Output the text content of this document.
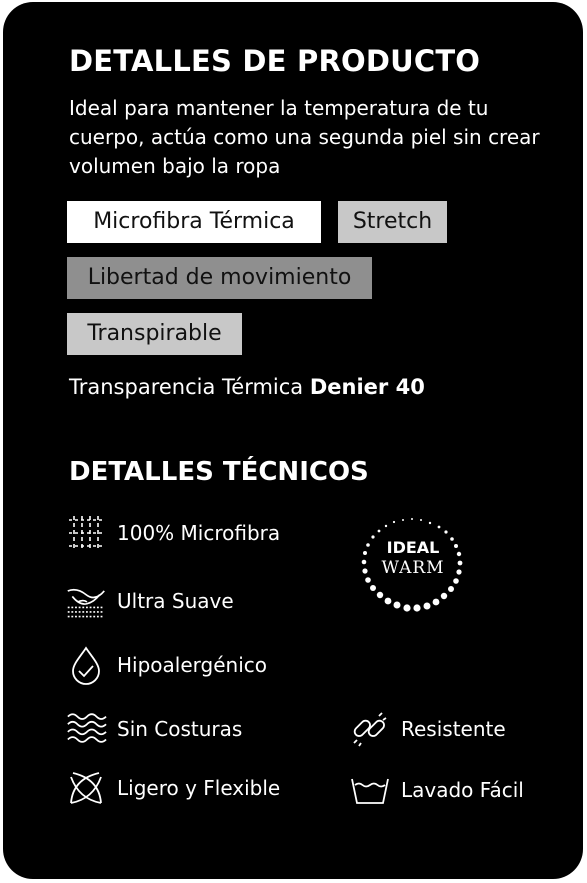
DETALLES DE PRODUCTO
Ideal para mantener la temperatura de tu cuerpo, actúa como una segunda piel sin crear volumen bajo la ropa
Microfibra Térmica	Stretch
Libertad de movimiento
Transpirable
Transparencia Térmica Denier 40
DETALLES TÉCNICOS
100% Microfibra
Ultra Suave
Hipoalergénico
Sin Costuras
Ligero y Flexible
Resistente
Lavado Fácil
IDEAL
WARM
